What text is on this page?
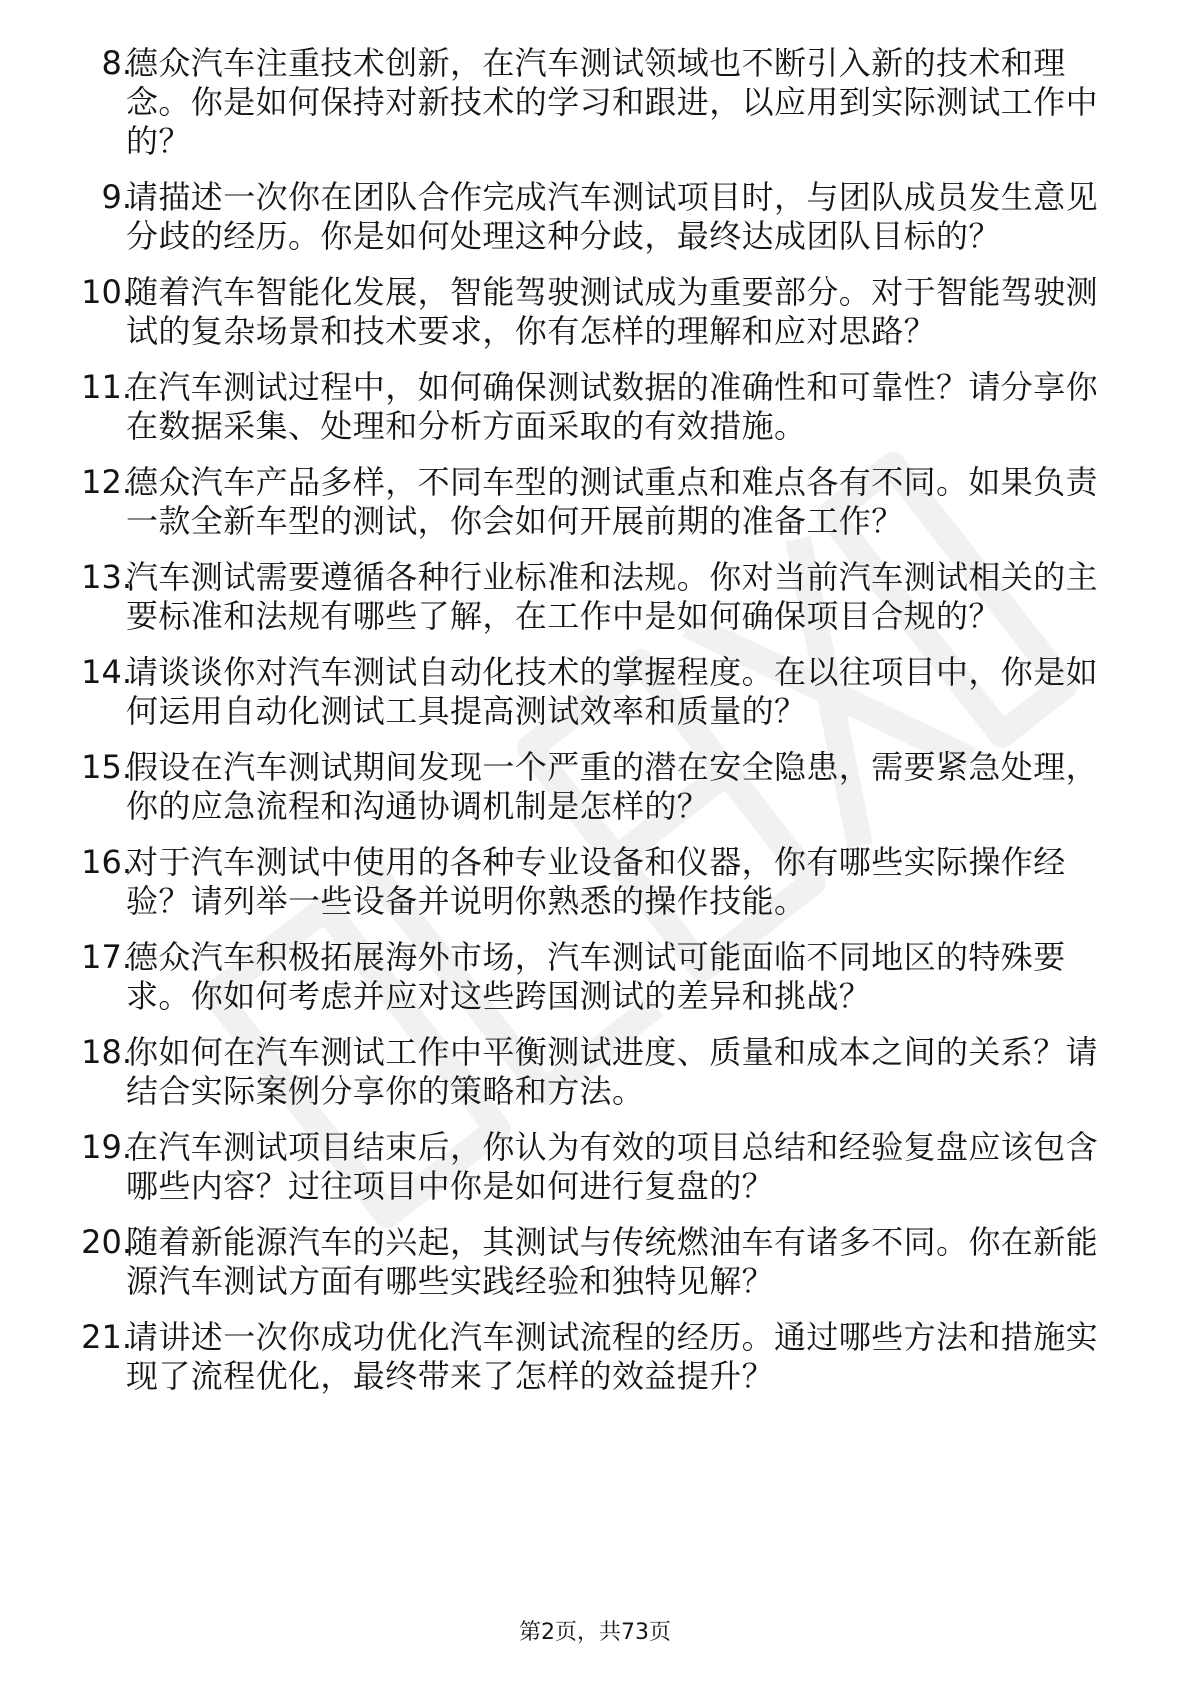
8.
德众汽车注重技术创新，在汽车测试领域也不断引入新的技术和理念。你是如何保持对新技术的学习和跟进，以应用到实际测试工作中的？
9.
请描述一次你在团队合作完成汽车测试项目时，与团队成员发生意见分歧的经历。你是如何处理这种分歧，最终达成团队目标的？
10.
随着汽车智能化发展，智能驾驶测试成为重要部分。对于智能驾驶测试的复杂场景和技术要求，你有怎样的理解和应对思路？
11.
在汽车测试过程中，如何确保测试数据的准确性和可靠性？请分享你在数据采集、处理和分析方面采取的有效措施。
12.
德众汽车产品多样，不同车型的测试重点和难点各有不同。如果负责一款全新车型的测试，你会如何开展前期的准备工作？
13.
汽车测试需要遵循各种行业标准和法规。你对当前汽车测试相关的主要标准和法规有哪些了解，在工作中是如何确保项目合规的？
14.
请谈谈你对汽车测试自动化技术的掌握程度。在以往项目中，你是如何运用自动化测试工具提高测试效率和质量的？
15.
假设在汽车测试期间发现一个严重的潜在安全隐患，需要紧急处理，你的应急流程和沟通协调机制是怎样的？
16.
对于汽车测试中使用的各种专业设备和仪器，你有哪些实际操作经验？请列举一些设备并说明你熟悉的操作技能。
17.
德众汽车积极拓展海外市场，汽车测试可能面临不同地区的特殊要求。你如何考虑并应对这些跨国测试的差异和挑战？
18.
你如何在汽车测试工作中平衡测试进度、质量和成本之间的关系？请结合实际案例分享你的策略和方法。
19.
在汽车测试项目结束后，你认为有效的项目总结和经验复盘应该包含哪些内容？过往项目中你是如何进行复盘的？
20.
随着新能源汽车的兴起，其测试与传统燃油车有诸多不同。你在新能源汽车测试方面有哪些实践经验和独特见解？
21.
请讲述一次你成功优化汽车测试流程的经历。通过哪些方法和措施实现了流程优化，最终带来了怎样的效益提升？
第2页，共73页
